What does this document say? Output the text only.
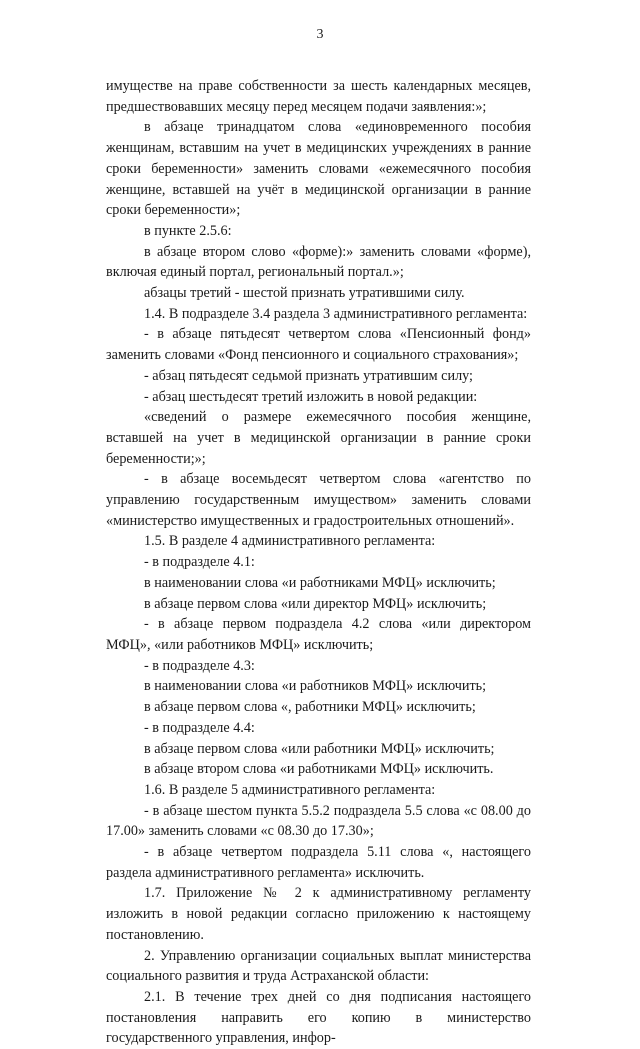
3

имуществе на праве собственности за шесть календарных месяцев, предшествовавших месяцу перед месяцем подачи заявления:»;

в абзаце тринадцатом слова «единовременного пособия женщинам, вставшим на учет в медицинских учреждениях в ранние сроки беременности» заменить словами «ежемесячного пособия женщине, вставшей на учёт в медицинской организации в ранние сроки беременности»;

в пункте 2.5.6:

в абзаце втором слово «форме):» заменить словами «форме), включая единый портал, региональный портал.»;

абзацы третий - шестой признать утратившими силу.

1.4. В подразделе 3.4 раздела 3 административного регламента:

- в абзаце пятьдесят четвертом слова «Пенсионный фонд» заменить словами «Фонд пенсионного и социального страхования»;

- абзац пятьдесят седьмой признать утратившим силу;

- абзац шестьдесят третий изложить в новой редакции:

«сведений о размере ежемесячного пособия женщине, вставшей на учет в медицинской организации в ранние сроки беременности;»;

- в абзаце восемьдесят четвертом слова «агентство по управлению государственным имуществом» заменить словами «министерство имущественных и градостроительных отношений».

1.5. В разделе 4 административного регламента:

- в подразделе 4.1:

в наименовании слова «и работниками МФЦ» исключить;

в абзаце первом слова «или директор МФЦ» исключить;

- в абзаце первом подраздела 4.2 слова «или директором МФЦ», «или работников МФЦ» исключить;

- в подразделе 4.3:

в наименовании слова «и работников МФЦ» исключить;

в абзаце первом слова «, работники МФЦ» исключить;

- в подразделе 4.4:

в абзаце первом слова «или работники МФЦ» исключить;

в абзаце втором слова «и работниками МФЦ» исключить.

1.6. В разделе 5 административного регламента:

- в абзаце шестом пункта 5.5.2 подраздела 5.5 слова «с 08.00 до 17.00» заменить словами «с 08.30 до 17.30»;

- в абзаце четвертом подраздела 5.11 слова «, настоящего раздела административного регламента» исключить.

1.7. Приложение № 2 к административному регламенту изложить в новой редакции согласно приложению к настоящему постановлению.

2. Управлению организации социальных выплат министерства социального развития и труда Астраханской области:

2.1. В течение трех дней со дня подписания настоящего постановления направить его копию в министерство государственного управления, инфор-
